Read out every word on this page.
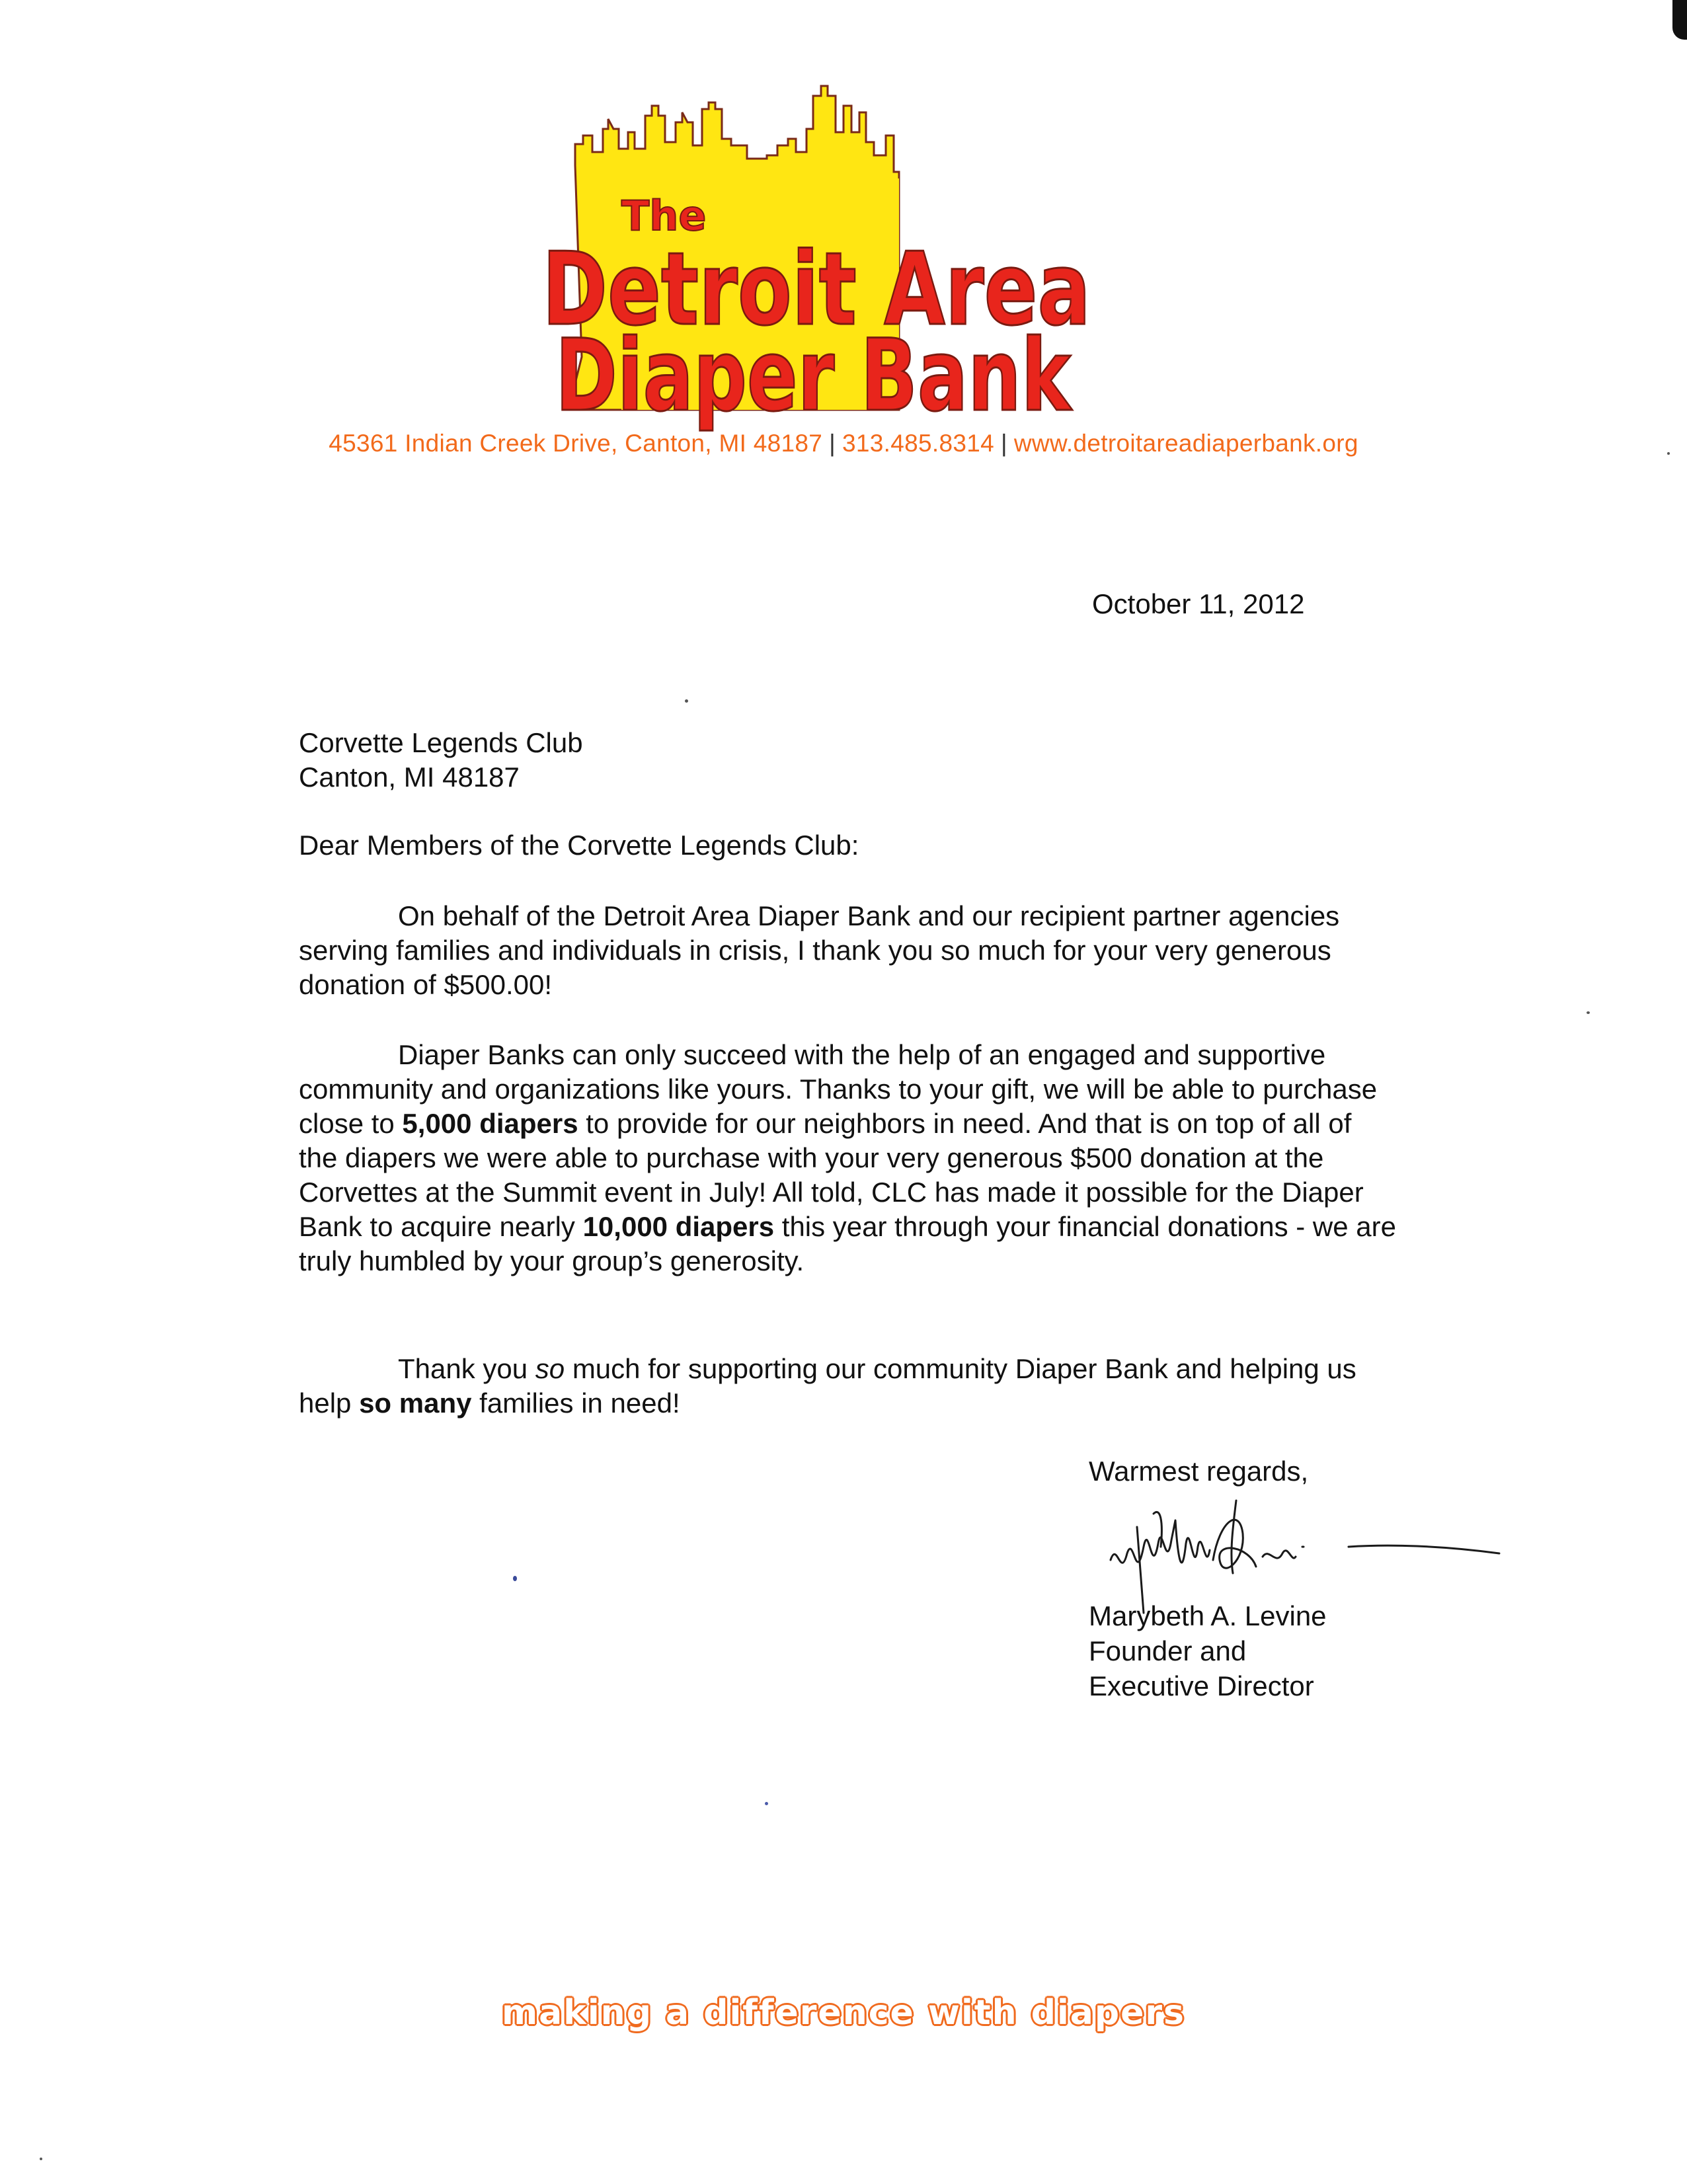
The
Detroit Area
Diaper Bank
45361 Indian Creek Drive, Canton, MI 48187 | 313.485.8314 | www.detroitareadiaperbank.org
October 11, 2012
Corvette Legends Club
Canton, MI 48187
Dear Members of the Corvette Legends Club:

On behalf of the Detroit Area Diaper Bank and our recipient partner agencies serving families and individuals in crisis, I thank you so much for your very generous donation of $500.00!

Diaper Banks can only succeed with the help of an engaged and supportive community and organizations like yours. Thanks to your gift, we will be able to purchase close to 5,000 diapers to provide for our neighbors in need. And that is on top of all of the diapers we were able to purchase with your very generous $500 donation at the Corvettes at the Summit event in July! All told, CLC has made it possible for the Diaper Bank to acquire nearly 10,000 diapers this year through your financial donations - we are truly humbled by your group’s generosity.

Thank you so much for supporting our community Diaper Bank and helping us help so many families in need!

Warmest regards,
Marybeth A. Levine
Founder and
Executive Director
making a difference with diapers
